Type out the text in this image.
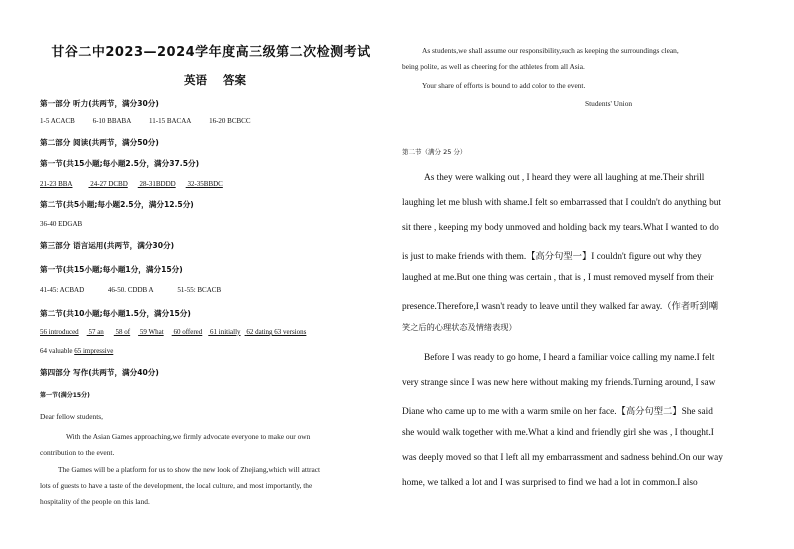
甘谷二中2023—2024学年度高三级第二次检测考试
英语 答案
第一部分 听力(共两节，满分30分)
1-5 ACACB	6-10 BBABA	11-15 BACAA	16-20 BCBCC
第二部分 阅读(共两节，满分50分)
第一节(共15小题;每小题2.5分，满分37.5分)
21-23 BBA	24-27 DCBD 28-31BDDD 32-35BBDC
第二节(共5小题;每小题2.5分，满分12.5分)
36-40 EDGAB
第三部分 语言运用(共两节，满分30分)
第一节(共15小题;每小题1分，满分15分)
41-45: ACBAD	46-50. CDDB A	51-55: BCACB
第二节(共10小题;每小题1.5分，满分15分)
56 introduced 57 an 58 of 59 What 60 offered 61 initially 62 dating 63 versions
64 valuable 65 impressive
第四部分 写作(共两节，满分40分)
第一节(满分15分)
Dear fellow students,
With the Asian Games approaching,we firmly advocate everyone to make our own
contribution to the event.
The Games will be a platform for us to show the new look of Zhejiang,which will attract
lots of guests to have a taste of the development, the local culture, and most importantly, the
hospitality of the people on this land.
As students,we shall assume our responsibility,such as keeping the surroundings clean,
being polite, as well as cheering for the athletes from all Asia.
Your share of efforts is bound to add color to the event.
Students' Union
第二节（满分 25 分）
As they were walking out , I heard they were all laughing at me.Their shrill
laughing let me blush with shame.I felt so embarrassed that I couldn't do anything but
sit there , keeping my body unmoved and holding back my tears.What I wanted to do
is just to make friends with them.【高分句型一】I couldn't figure out why they
laughed at me.But one thing was certain , that is , I must removed myself from their
presence.Therefore,I wasn't ready to leave until they walked far away.（作者听到嘲
笑之后的心理状态及情绪表现）
Before I was ready to go home, I heard a familiar voice calling my name.I felt
very strange since I was new here without making my friends.Turning around, I saw
Diane who came up to me with a warm smile on her face.【高分句型二】She said
she would walk together with me.What a kind and friendly girl she was , I thought.I
was deeply moved so that I left all my embarrassment and sadness behind.On our way
home, we talked a lot and I was surprised to find we had a lot in common.I also
